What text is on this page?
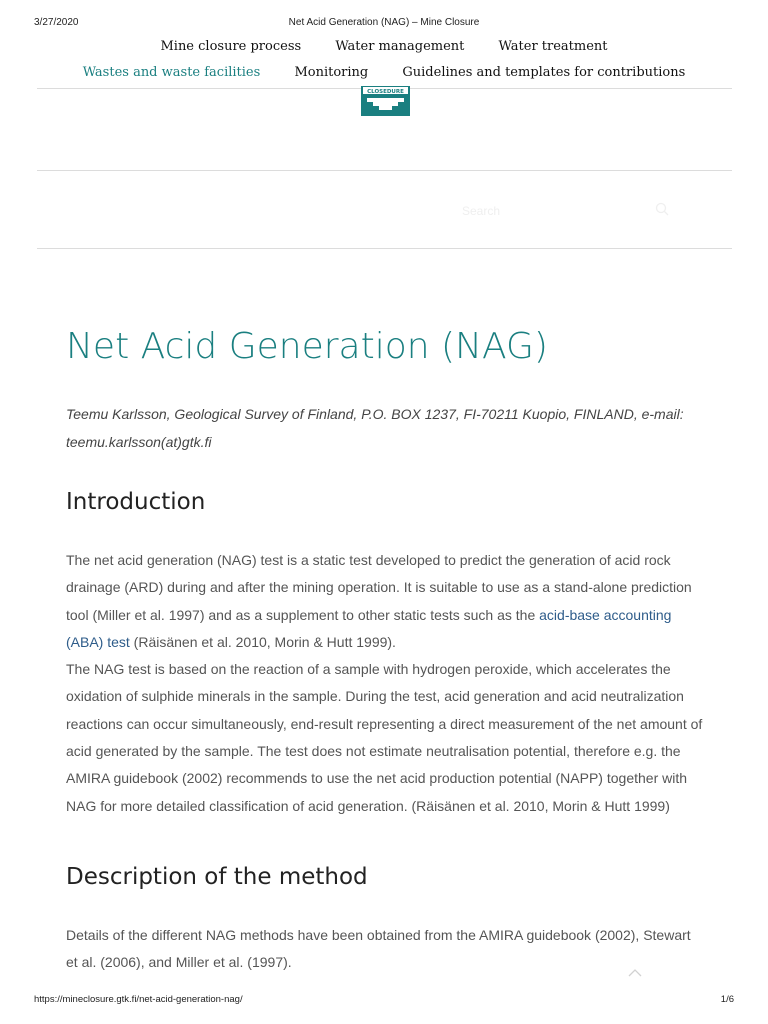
3/27/2020	Net Acid Generation (NAG) – Mine Closure
Mine closure process	Water management	Water treatment
Wastes and waste facilities	Monitoring	Guidelines and templates for contributions
CLOSEDURE
Search
Net Acid Generation (NAG)
Teemu Karlsson, Geological Survey of Finland, P.O. BOX 1237, FI-70211 Kuopio, FINLAND, e-mail: teemu.karlsson(at)gtk.fi
Introduction
The net acid generation (NAG) test is a static test developed to predict the generation of acid rock drainage (ARD) during and after the mining operation. It is suitable to use as a stand-alone prediction tool (Miller et al. 1997) and as a supplement to other static tests such as the acid-base accounting (ABA) test (Räisänen et al. 2010, Morin & Hutt 1999).
The NAG test is based on the reaction of a sample with hydrogen peroxide, which accelerates the oxidation of sulphide minerals in the sample. During the test, acid generation and acid neutralization reactions can occur simultaneously, end-result representing a direct measurement of the net amount of acid generated by the sample. The test does not estimate neutralisation potential, therefore e.g. the AMIRA guidebook (2002) recommends to use the net acid production potential (NAPP) together with NAG for more detailed classification of acid generation. (Räisänen et al. 2010, Morin & Hutt 1999)
Description of the method
Details of the different NAG methods have been obtained from the AMIRA guidebook (2002), Stewart et al. (2006), and Miller et al. (1997).
https://mineclosure.gtk.fi/net-acid-generation-nag/	1/6
